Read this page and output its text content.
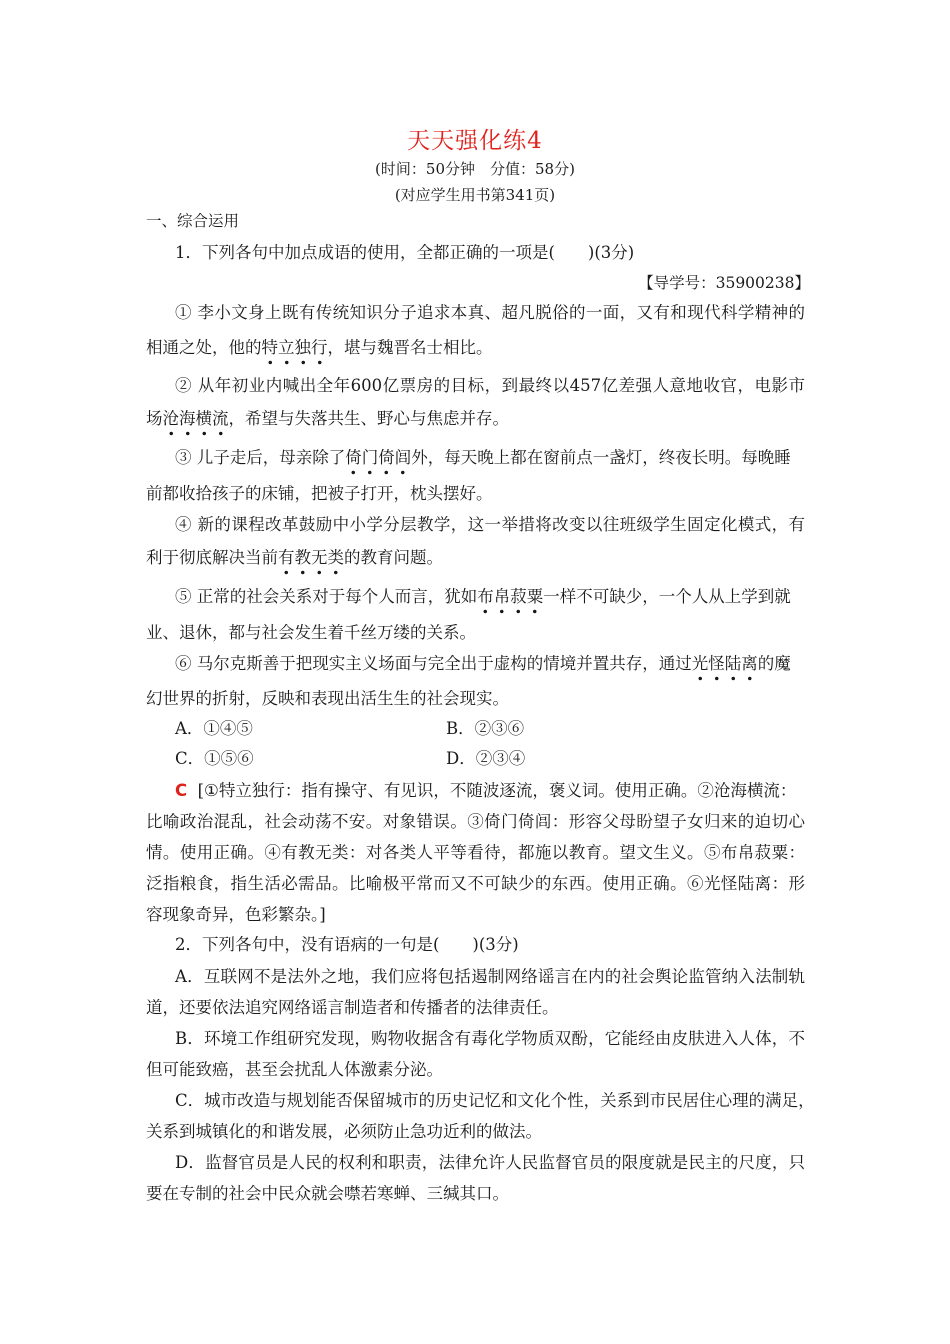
天天强化练4
(时间：50分钟　分值：58分)
(对应学生用书第341页)
一、综合运用
1．下列各句中加点成语的使用，全都正确的一项是(　　)(3分)
【导学号：35900238】
① 李小文身上既有传统知识分子追求本真、超凡脱俗的一面，又有和现代科学精神的
相通之处，他的特立独行，堪与魏晋名士相比。
② 从年初业内喊出全年600亿票房的目标，到最终以457亿差强人意地收官，电影市
场沧海横流，希望与失落共生、野心与焦虑并存。
③ 儿子走后，母亲除了倚门倚闾外，每天晚上都在窗前点一盏灯，终夜长明。每晚睡
前都收拾孩子的床铺，把被子打开，枕头摆好。
④ 新的课程改革鼓励中小学分层教学，这一举措将改变以往班级学生固定化模式，有
利于彻底解决当前有教无类的教育问题。
⑤ 正常的社会关系对于每个人而言，犹如布帛菽粟一样不可缺少，一个人从上学到就
业、退休，都与社会发生着千丝万缕的关系。
⑥ 马尔克斯善于把现实主义场面与完全出于虚构的情境并置共存，通过光怪陆离的魔
幻世界的折射，反映和表现出活生生的社会现实。
A．①④⑤	B．②③⑥
C．①⑤⑥	D．②③④
C [①特立独行：指有操守、有见识，不随波逐流，褒义词。使用正确。②沧海横流：
比喻政治混乱，社会动荡不安。对象错误。③倚门倚闾：形容父母盼望子女归来的迫切心
情。使用正确。④有教无类：对各类人平等看待，都施以教育。望文生义。⑤布帛菽粟：
泛指粮食，指生活必需品。比喻极平常而又不可缺少的东西。使用正确。⑥光怪陆离：形
容现象奇异，色彩繁杂。]
2．下列各句中，没有语病的一句是(　　)(3分)
A．互联网不是法外之地，我们应将包括遏制网络谣言在内的社会舆论监管纳入法制轨
道，还要依法追究网络谣言制造者和传播者的法律责任。
B．环境工作组研究发现，购物收据含有毒化学物质双酚，它能经由皮肤进入人体，不
但可能致癌，甚至会扰乱人体激素分泌。
C．城市改造与规划能否保留城市的历史记忆和文化个性，关系到市民居住心理的满足，
关系到城镇化的和谐发展，必须防止急功近利的做法。
D．监督官员是人民的权利和职责，法律允许人民监督官员的限度就是民主的尺度，只
要在专制的社会中民众就会噤若寒蝉、三缄其口。
